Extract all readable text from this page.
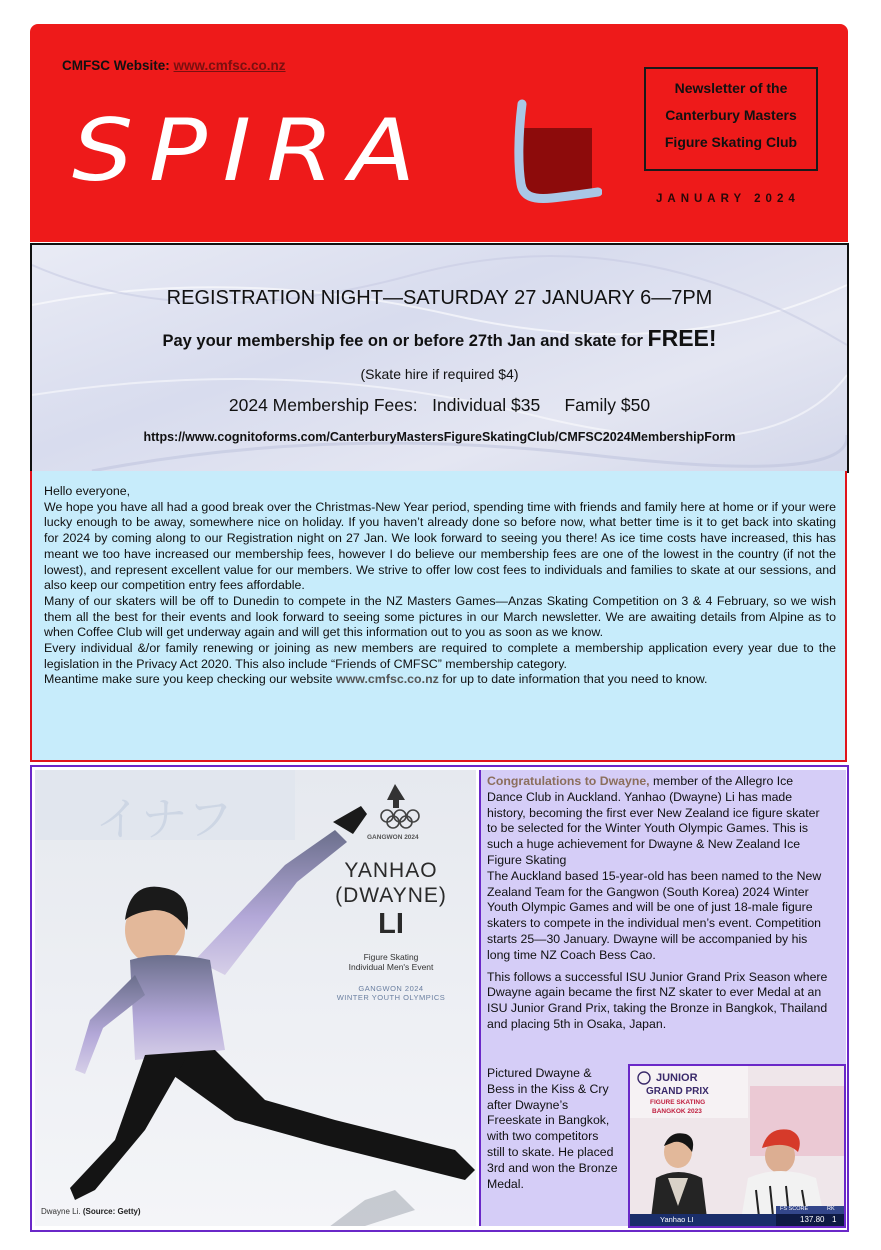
CMFSC Website: www.cmfsc.co.nz
SPIRA
Newsletter of the
Canterbury Masters
Figure Skating Club
JANUARY 2024
REGISTRATION NIGHT—SATURDAY 27 JANUARY 6—7PM
Pay your membership fee on or before 27th Jan and skate for FREE!
(Skate hire if required $4)
2024 Membership Fees:   Individual $35     Family $50
https://www.cognitoforms.com/CanterburyMastersFigureSkatingClub/CMFSC2024MembershipForm

Hello everyone,

We hope you have all had a good break over the Christmas-New Year period, spending time with friends and family here at home or if your were lucky enough to be away, somewhere nice on holiday. If you haven’t already done so before now, what better time is it to get back into skating for 2024 by coming along to our Registration night on 27 Jan. We look forward to seeing you there! As ice time costs have increased, this has meant we too have increased our membership fees, however I do believe our membership fees are one of the lowest in the country (if not the lowest), and represent excellent value for our members. We strive to offer low cost fees to individuals and families to skate at our sessions, and also keep our competition entry fees affordable.

Many of our skaters will be off to Dunedin to compete in the NZ Masters Games—Anzas Skating Competition on 3 & 4 February, so we wish them all the best for their events and look forward to seeing some pictures in our March newsletter. We are awaiting details from Alpine as to when Coffee Club will get underway again and will get this information out to you as soon as we know.

Every individual &/or family renewing or joining as new members are required to complete a membership application every year due to the legislation in the Privacy Act 2020. This also include “Friends of CMFSC” membership category.

Meantime make sure you keep checking our website www.cmfsc.co.nz for up to date information that you need to know.

イナフ	GANGWON 2024
YANHAO
(DWAYNE)
LI
Figure Skating
Individual Men's Event
GANGWON 2024
WINTER YOUTH OLYMPICS
Dwayne Li. (Source: Getty)

Congratulations to Dwayne, member of the Allegro Ice Dance Club in Auckland. Yanhao (Dwayne) Li has made history, becoming the first ever New Zealand ice figure skater to be selected for the Winter Youth Olympic Games. This is such a huge achievement for Dwayne & New Zealand Ice Figure Skating
The Auckland based 15-year-old has been named to the New Zealand Team for the Gangwon (South Korea) 2024 Winter Youth Olympic Games and will be one of just 18-male figure skaters to compete in the individual men’s event. Competition starts 25—30 January. Dwayne will be accompanied by his long time NZ Coach Bess Cao.

This follows a successful ISU Junior Grand Prix Season where Dwayne again became the first NZ skater to ever Medal at an ISU Junior Grand Prix, taking the Bronze in Bangkok, Thailand and placing 5th in Osaka, Japan.

Pictured Dwayne & Bess in the Kiss & Cry after Dwayne’s Freeskate in Bangkok, with two competitors still to skate. He placed 3rd and won the Bronze Medal.
JUNIOR
GRAND PRIX
FIGURE SKATING
BANGKOK 2023
Yanhao LI
FS SCORE	RK
137.80 1
